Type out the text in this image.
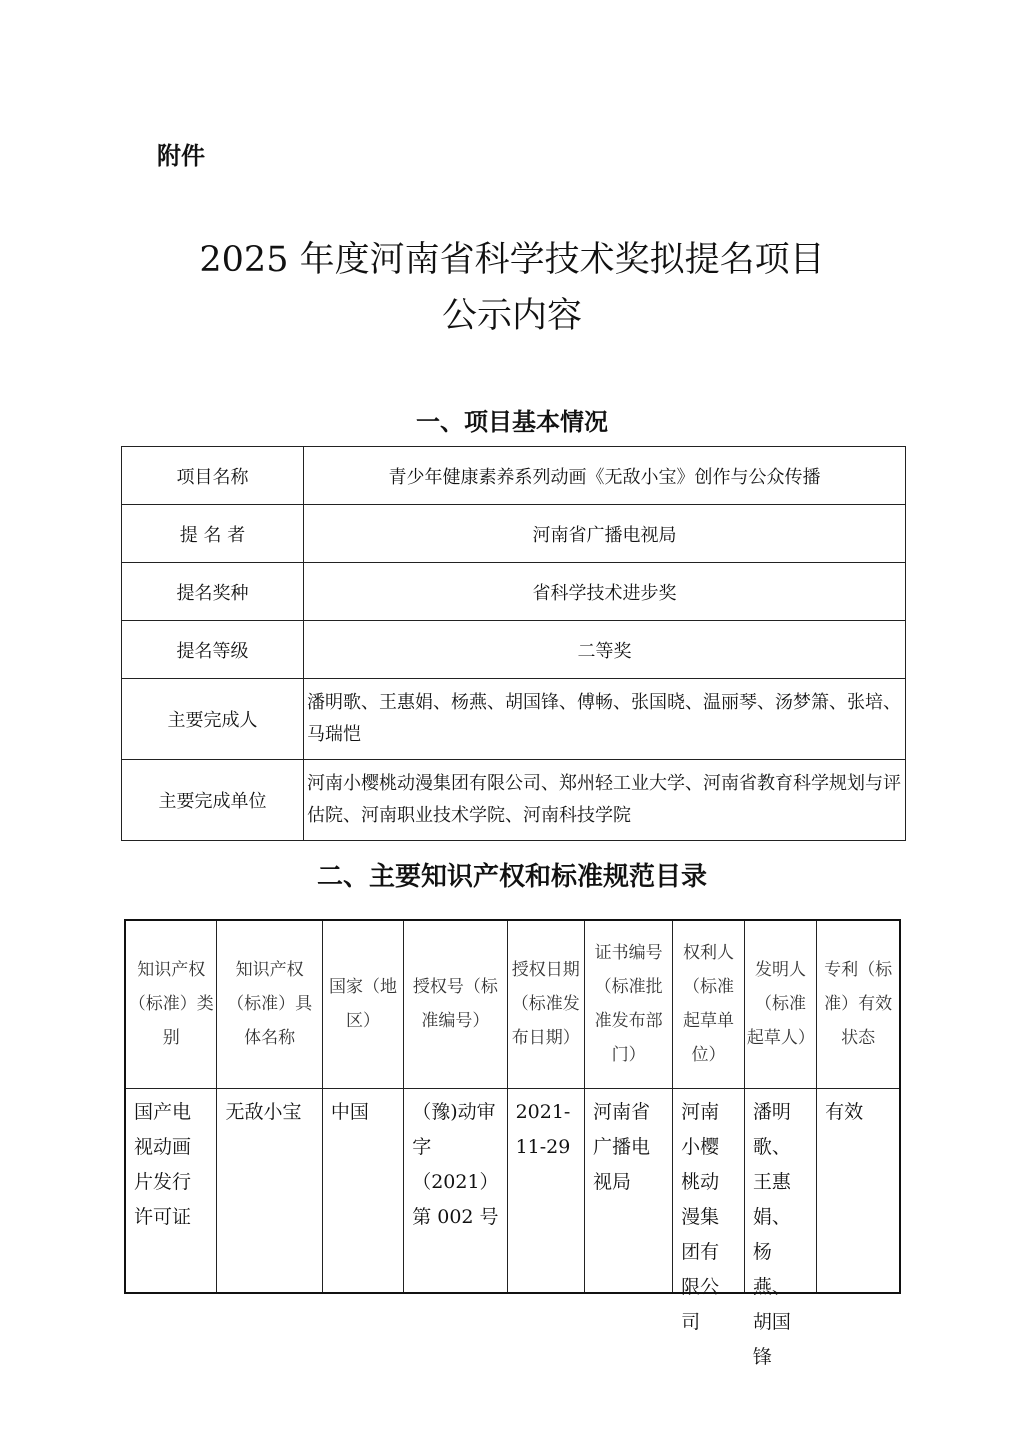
附件
2025 年度河南省科学技术奖拟提名项目
公示内容
一、项目基本情况
项目名称	青少年健康素养系列动画《无敌小宝》创作与公众传播
提 名 者	河南省广播电视局
提名奖种	省科学技术进步奖
提名等级	二等奖
主要完成人	潘明歌、王惠娟、杨燕、胡国锋、傅畅、张国晓、温丽琴、汤梦箫、张培、马瑞恺
主要完成单位	河南小樱桃动漫集团有限公司、郑州轻工业大学、河南省教育科学规划与评估院、河南职业技术学院、河南科技学院
二、主要知识产权和标准规范目录
知识产权（标准）类别	知识产权（标准）具体名称	国家（地区）	授权号（标准编号）	授权日期（标准发布日期）	证书编号（标准批准发布部门）	权利人（标准起草单位）	发明人（标准起草人）	专利（标准）有效状态

国产电视动画片发行许可证	无敌小宝	中国	（豫)动审字（2021）第 002 号	2021-11-29	河南省广播电视局	河南小樱桃动漫集团有限公司	潘明歌、王惠娟、杨燕、胡国锋	有效
